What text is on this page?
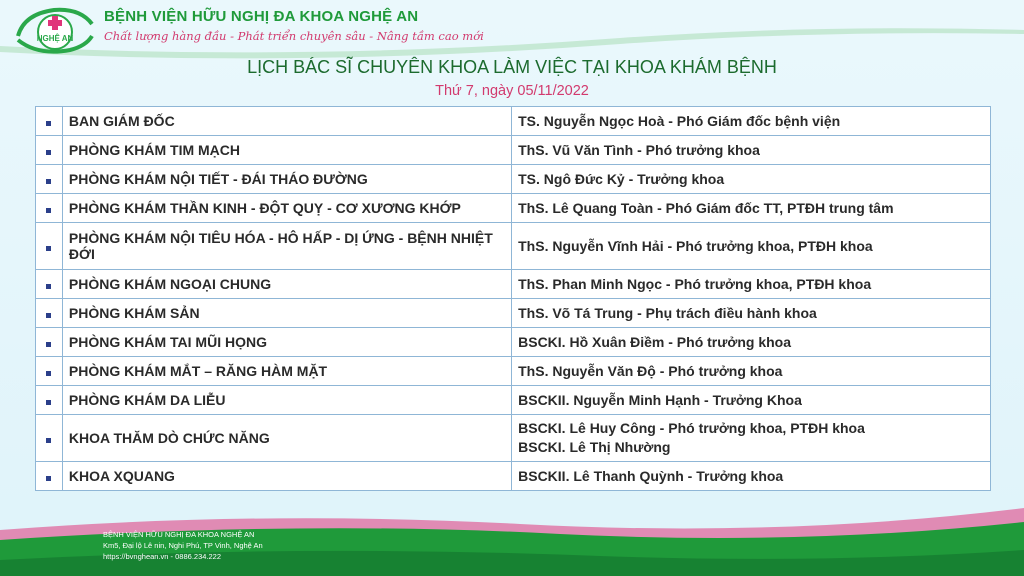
NGHỆ AN
BỆNH VIỆN HỮU NGHỊ ĐA KHOA NGHỆ AN
Chất lượng hàng đầu - Phát triển chuyên sâu - Nâng tầm cao mới
LỊCH BÁC SĨ CHUYÊN KHOA LÀM VIỆC TẠI KHOA KHÁM BỆNH
Thứ 7, ngày 05/11/2022
	BAN GIÁM ĐỐC	TS. Nguyễn Ngọc Hoà - Phó Giám đốc bệnh viện
	PHÒNG KHÁM TIM MẠCH	ThS. Vũ Văn Tình - Phó trưởng khoa
	PHÒNG KHÁM NỘI TIẾT - ĐÁI THÁO ĐƯỜNG	TS. Ngô Đức Kỷ - Trưởng khoa
	PHÒNG KHÁM THẦN KINH - ĐỘT QUỴ - CƠ XƯƠNG KHỚP	ThS. Lê Quang Toàn - Phó Giám đốc TT, PTĐH trung tâm
	PHÒNG KHÁM NỘI TIÊU HÓA - HÔ HẤP - DỊ ỨNG - BỆNH NHIỆT ĐỚI	ThS. Nguyễn Vĩnh Hải - Phó trưởng khoa, PTĐH khoa
	PHÒNG KHÁM NGOẠI CHUNG	ThS. Phan Minh Ngọc - Phó trưởng khoa, PTĐH khoa
	PHÒNG KHÁM SẢN	ThS. Võ Tá Trung - Phụ trách điều hành khoa
	PHÒNG KHÁM TAI MŨI HỌNG	BSCKI. Hồ Xuân Điềm - Phó trưởng khoa
	PHÒNG KHÁM MẮT – RĂNG HÀM MẶT	ThS. Nguyễn Văn Độ - Phó trưởng khoa
	PHÒNG KHÁM DA LIỄU	BSCKII. Nguyễn Minh Hạnh - Trưởng Khoa
	KHOA THĂM DÒ CHỨC NĂNG	BSCKI. Lê Huy Công - Phó trưởng khoa, PTĐH khoa
BSCKI. Lê Thị Nhường

	KHOA XQUANG	BSCKII. Lê Thanh Quỳnh - Trưởng khoa
BỆNH VIỆN HỮU NGHỊ ĐA KHOA NGHỆ AN
Km5, Đại lộ Lê nin, Nghi Phú, TP Vinh, Nghệ An
https://bvnghean.vn - 0886.234.222
